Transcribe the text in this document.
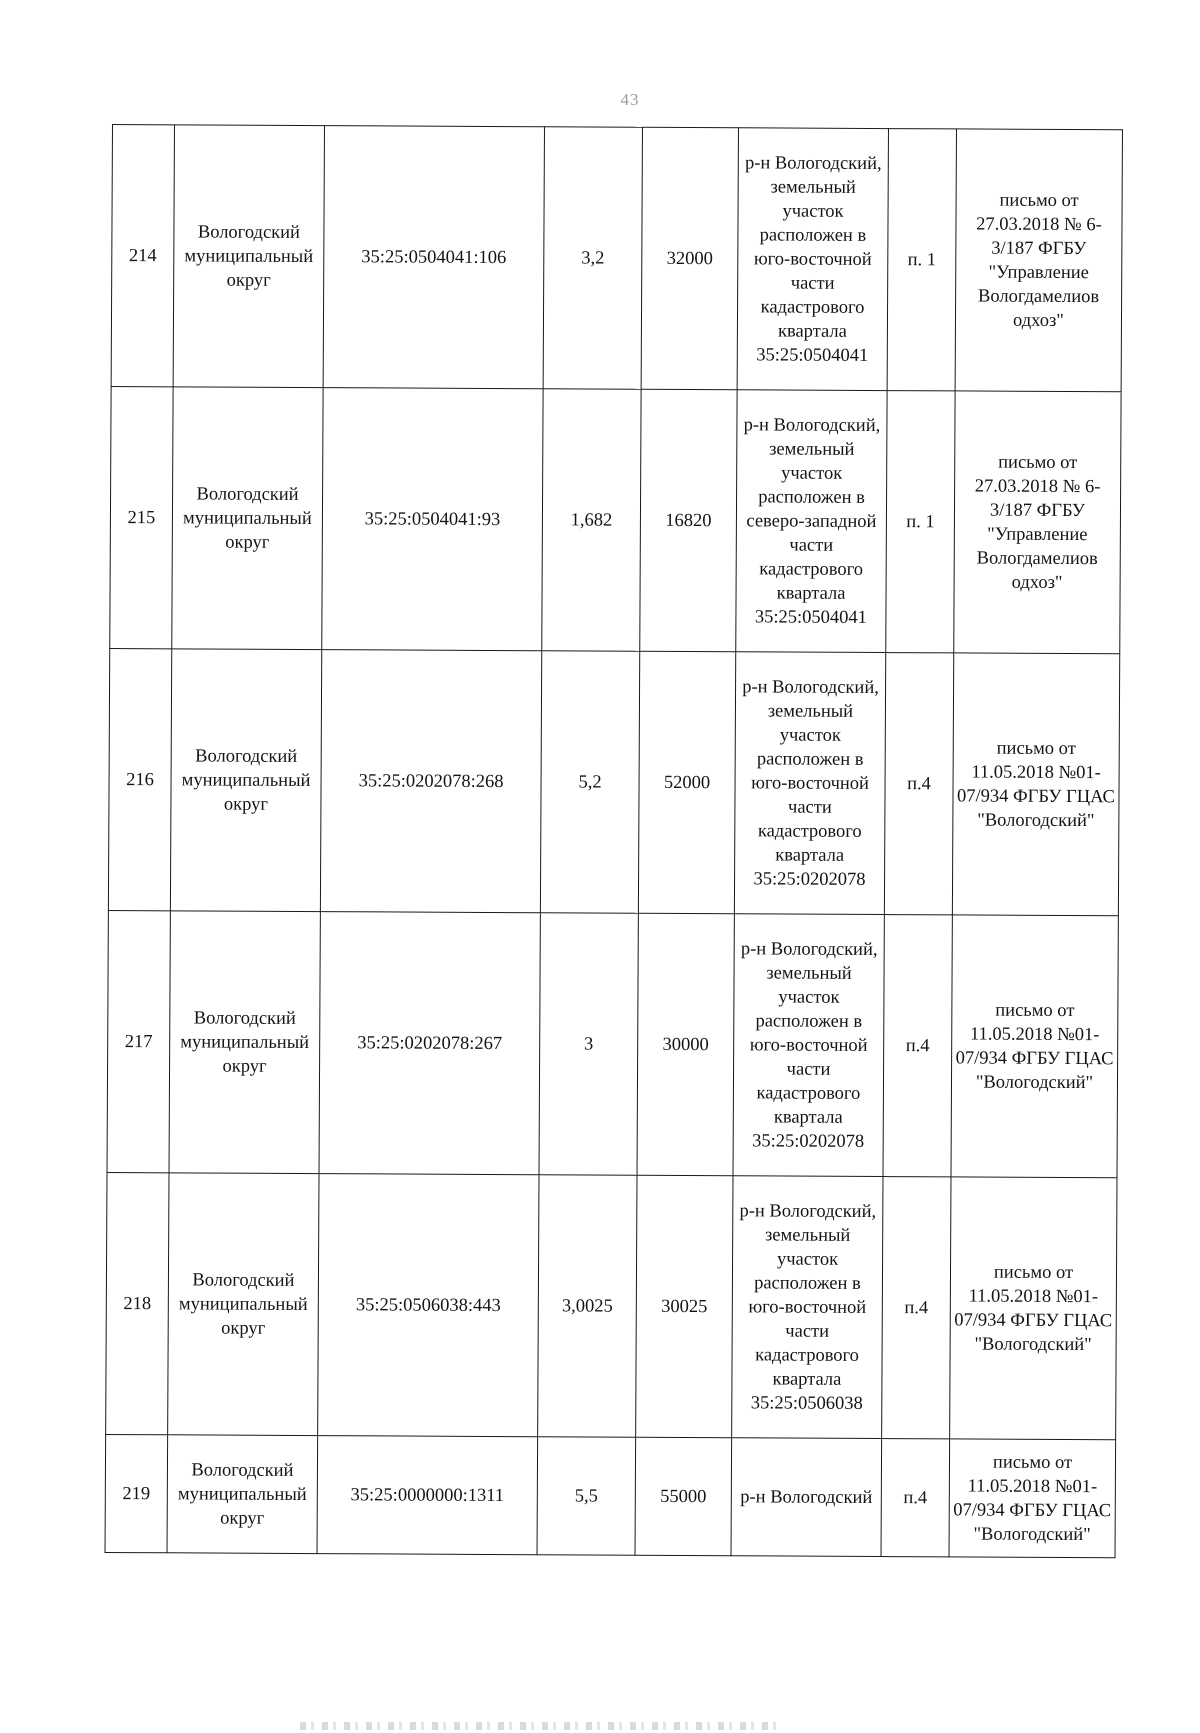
43
214	Вологодский муниципальный округ	35:25:0504041:106	3,2	32000	р-н Вологодский, земельный участок расположен в юго-восточной части кадастрового квартала 35:25:0504041	п. 1	письмо от 27.03.2018 № 6-3/187 ФГБУ "Управление Вологдамелиов одхоз"
215	Вологодский муниципальный округ	35:25:0504041:93	1,682	16820	р-н Вологодский, земельный участок расположен в северо-западной части кадастрового квартала 35:25:0504041	п. 1	письмо от 27.03.2018 № 6-3/187 ФГБУ "Управление Вологдамелиов одхоз"
216	Вологодский муниципальный округ	35:25:0202078:268	5,2	52000	р-н Вологодский, земельный участок расположен в юго-восточной части кадастрового квартала 35:25:0202078	п.4	письмо от 11.05.2018 №01-07/934 ФГБУ ГЦАС "Вологодский"
217	Вологодский муниципальный округ	35:25:0202078:267	3	30000	р-н Вологодский, земельный участок расположен в юго-восточной части кадастрового квартала 35:25:0202078	п.4	письмо от 11.05.2018 №01-07/934 ФГБУ ГЦАС "Вологодский"
218	Вологодский муниципальный округ	35:25:0506038:443	3,0025	30025	р-н Вологодский, земельный участок расположен в юго-восточной части кадастрового квартала 35:25:0506038	п.4	письмо от 11.05.2018 №01-07/934 ФГБУ ГЦАС "Вологодский"
219	Вологодский муниципальный округ	35:25:0000000:1311	5,5	55000	р-н Вологодский	п.4	письмо от 11.05.2018 №01-07/934 ФГБУ ГЦАС "Вологодский"
